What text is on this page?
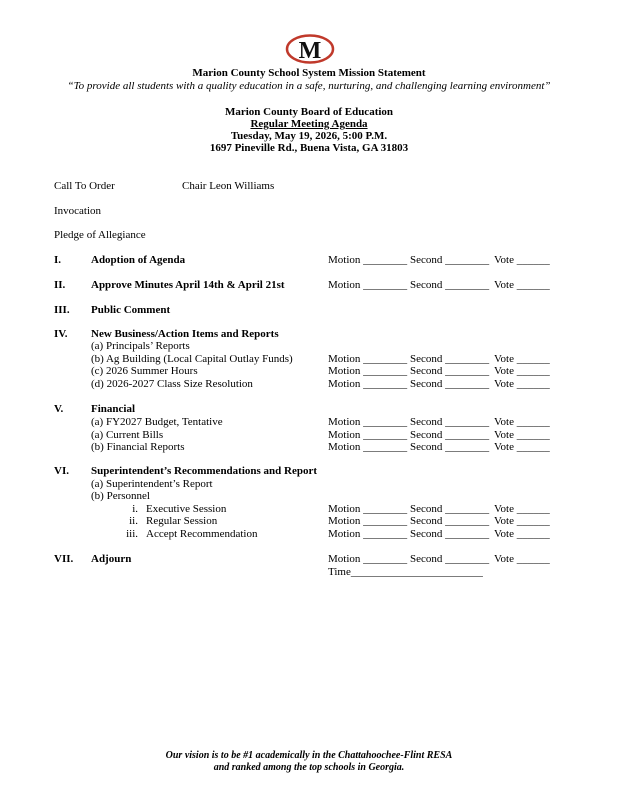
M
Marion County School System Mission Statement
“To provide all students with a quality education in a safe, nurturing, and challenging learning environment”
Marion County Board of Education
Regular Meeting Agenda
Tuesday, May 19, 2026, 5:00 P.M.
1697 Pineville Rd., Buena Vista, GA 31803
Call To Order	Chair Leon Williams
Invocation
Pledge of Allegiance
I.	Adoption of Agenda	Motion ________ Second ________ Vote ______
II. Approve Minutes April 14th & April 21st	Motion ________ Second ________ Vote ______
III. Public Comment
IV. New Business/Action Items and Reports
(a) Principals’ Reports
(b) Ag Building (Local Capital Outlay Funds)	Motion ________ Second ________ Vote ______
(c) 2026 Summer Hours	Motion ________ Second ________ Vote ______
(d) 2026-2027 Class Size Resolution	Motion ________ Second ________ Vote ______
V.	Financial
(a) FY2027 Budget, Tentative	Motion ________ Second ________ Vote ______
(a) Current Bills	Motion ________ Second ________ Vote ______
(b) Financial Reports	Motion ________ Second ________ Vote ______
VI. Superintendent’s Recommendations and Report
(a) Superintendent’s Report
(b) Personnel
i. Executive Session	Motion ________ Second ________ Vote ______
ii. Regular Session	Motion ________ Second ________ Vote ______
iii. Accept Recommendation	Motion ________ Second ________ Vote ______
VII. Adjourn	Motion ________ Second ________ Vote ______
Time________________________
Our vision is to be #1 academically in the Chattahoochee-Flint RESA
and ranked among the top schools in Georgia.
